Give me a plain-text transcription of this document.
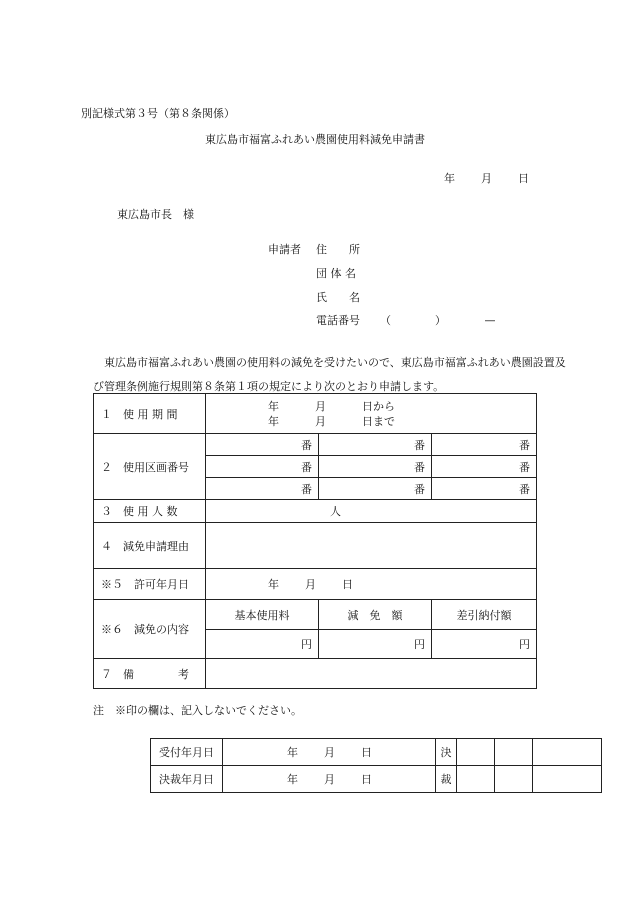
別記様式第３号（第８条関係）
東広島市福富ふれあい農園使用料減免申請書
年 月 日
東広島市長　様
申請者 住　　所
団 体 名
氏　　名
電話番号 （　　　　）　　　　—
東広島市福富ふれあい農園の使用料の減免を受けたいので、東広島市福富ふれあい農園設置及び管理条例施行規則第８条第１項の規定により次のとおり申請します。
１　使 用 期 間	年 月 日から
年 月 日まで		

２　使用区画番号	番	番	番
	番	番	番
	番	番	番
３　使 用 人 数	人		
４　減免申請理由			
※５　許可年月日	年 月 日		
※６　減免の内容	基本使用料	減　免　額	差引納付額
	円	円	円
７　備　　　　考			
注　※印の欄は、記入しないでください。
受付年月日	年 月 日	決			
決裁年月日	年 月 日	裁			
